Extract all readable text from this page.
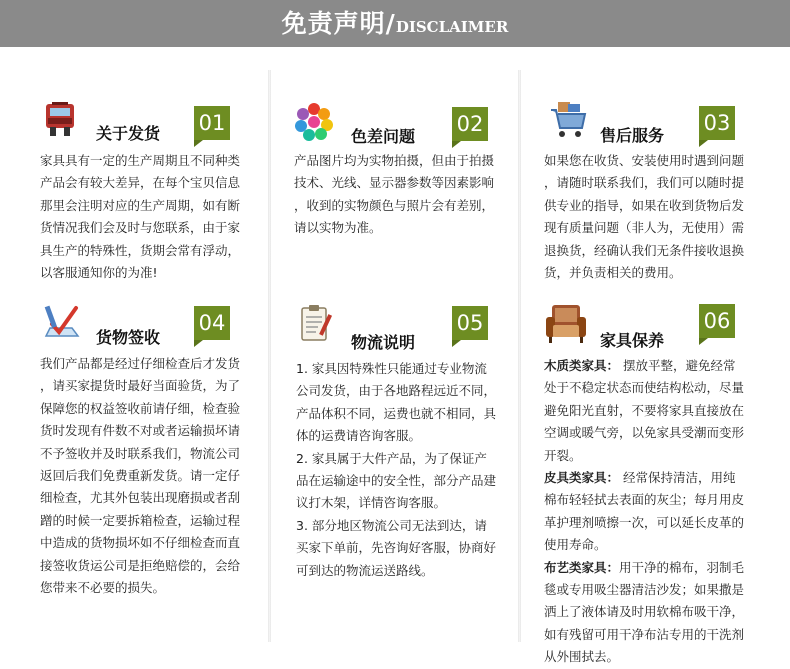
免责声明/DISCLAIMER
关于发货 01

家具具有一定的生产周期且不同种类

产品会有较大差异，在每个宝贝信息

那里会注明对应的生产周期，如有断

货情况我们会及时与您联系，由于家

具生产的特殊性，货期会常有浮动，

以客服通知你的为准!

色差问题
02

产品图片均为实物拍摄，但由于拍摄

技术、光线、显示器参数等因素影响

，收到的实物颜色与照片会有差别，

请以实物为准。

售后服务
03

如果您在收货、安装使用时遇到问题

，请随时联系我们，我们可以随时提

供专业的指导，如果在收到货物后发

现有质量问题（非人为，无使用）需

退换货，经确认我们无条件接收退换

货，并负责相关的费用。

货物签收
04

我们产品都是经过仔细检查后才发货

，请买家提货时最好当面验货，为了

保障您的权益签收前请仔细，检查验

货时发现有件数不对或者运输损坏请

不予签收并及时联系我们，物流公司

返回后我们免费重新发货。请一定仔

细检查，尤其外包装出现磨损或者刮

蹭的时候一定要拆箱检查，运输过程

中造成的货物损坏如不仔细检查而直

接签收货运公司是拒绝赔偿的，会给

您带来不必要的损失。

物流说明
05

1. 家具因特殊性只能通过专业物流

公司发货，由于各地路程远近不同，

产品体积不同，运费也就不相同，具

体的运费请咨询客服。

2. 家具属于大件产品，为了保证产

品在运输途中的安全性，部分产品建

议打木架，详情咨询客服。

3. 部分地区物流公司无法到达，请

买家下单前，先咨询好客服，协商好

可到达的物流运送路线。

家具保养
06

木质类家具： 摆放平整，避免经常

处于不稳定状态而使结构松动，尽量

避免阳光直射，不要将家具直接放在

空调或暖气旁，以免家具受潮而变形

开裂。

皮具类家具： 经常保持清洁，用纯

棉布轻轻拭去表面的灰尘；每月用皮

革护理剂喷擦一次，可以延长皮革的

使用寿命。

布艺类家具：用干净的棉布，羽制毛

毯或专用吸尘器清洁沙发；如果撒是

洒上了液体请及时用软棉布吸干净，

如有残留可用干净布沾专用的干洗剂

从外围拭去。
